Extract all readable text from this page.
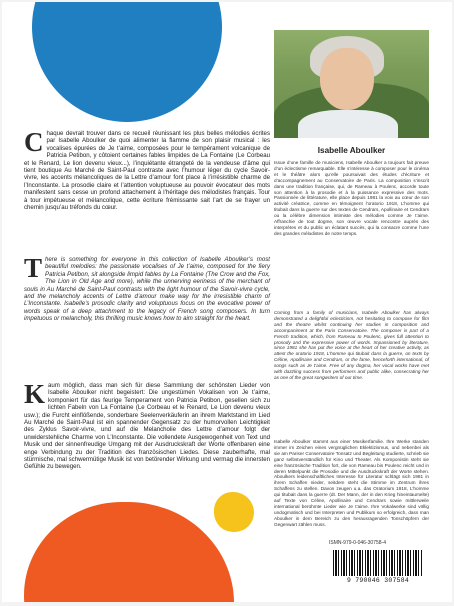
C haque devrait trouver dans ce recueil réunissant les plus belles mélodies écrites par Isabelle Aboulker de quoi alimenter la flamme de son plaisir musical : les vocalises épurées de Je t’aime, composées pour le tempérament volcanique de Patricia Petibon, y côtoient certaines fables limpides de La Fontaine (Le Corbeau et le Renard, Le lion devenu vieux...), l’inquiétante étrangeté de la vendeuse d’âme qui tient boutique Au Marché de Saint-Paul contraste avec l’humour léger du cycle Savoir-vivre, les accents mélancoliques de la Lettre d’amour font place à l’irrésistible charme de l’Inconstante. La prosodie claire et l’attention voluptueuse au pouvoir évocateur des mots manifestent sans cesse un profond attachement à l’héritage des mélodistes français. Tour à tour impétueuse et mélancolique, cette écriture frémissante sait l’art de se frayer un chemin jusqu’au tréfonds du cœur.

T here is something for everyone in this collection of Isabelle Aboulker’s most beautiful melodies: the passionate vocalises of Je t’aime, composed for the fiery Patricia Petibon, sit alongside limpid fables by La Fontaine (The Crow and the Fox, The Lion in Old Age and more), while the unnerving eeriness of the merchant of souls in Au Marché de Saint-Paul contrasts with the light humour of the Savoir-vivre cycle, and the melancholy accents of Lettre d’amour make way for the irresistible charm of L’Inconstante. Isabelle’s prosodic clarity and voluptuous focus on the evocative power of words speak of a deep attachment to the legacy of French song composers. In turn impetuous or melancholy, this thrilling music knows how to aim straight for the heart.

K aum möglich, dass man sich für diese Sammlung der schönsten Lieder von Isabelle Aboulker nicht begeistert: Die ungestümen Vokalisen von Je t’aime, komponiert für das feurige Temperament von Patricia Petibon, gesellen sich zu lichten Fabeln von La Fontaine (Le Corbeau et le Renard, Le Lion devenu vieux usw.); die Furcht einflößende, sonderbare Seelenverkäuferin an ihrem Marktstand im Lied Au Marché de Saint-Paul ist ein spannender Gegensatz zu der humorvollen Leichtigkeit des Zyklus Savoir-vivre, und auf die Melancholie des Lettre d’amour folgt der unwiderstehliche Charme von L’Inconstante. Die vollendete Ausgewogenheit von Text und Musik und der sinnenfreudige Umgang mit der Ausdruckskraft der Worte offenbaren eine enge Verbindung zu der Tradition des französischen Liedes. Diese zauberhafte, mal stürmische, mal schwermütige Musik ist von betörender Wirkung und vermag die innersten Gefühle zu bewegen.

Isabelle Aboulker

Issue d’une famille de musiciens, Isabelle Aboulker a toujours fait preuve d’un éclectisme remarquable. Elle s’intéresse à composer pour le cinéma et le théâtre alors qu’elle poursuivait des études d’écriture et d’accompagnement au Conservatoire de Paris. La composition s’inscrit dans une tradition française, qui, de Rameau à Poulenc, accorde toute son attention à la prosodie et à la puissance expressive des mots. Passionnée de littérature, elle place depuis 1981 la voix au cœur de son activité créatrice, comme en témoignent l’oratorio 1918, L’homme qui titubait dans la guerre sur des textes de Cendrars, Apollinaire et Cendrars ou la célèbre dimension intimiste des mélodies comme Je t’aime. Affranchie de tout dogme, son œuvre vocale rencontre auprès des interprètes et du public un éclatant succès, qui la consacre comme l’une des grandes mélodistes de notre temps.

Coming from a family of musicians, Isabelle Aboulker has always demonstrated a delightful eclecticism, not hesitating to compose for film and the theatre whilst continuing her studies in composition and accompaniment at the Paris Conservatoire. The composer is part of a French tradition, which, from Rameau to Poulenc, gives full attention to prosody and the expressive power of words. Impassioned by literature, since 1981 she has put the voice at the heart of her creative activity, as attest the oratorio 1918, L’homme qui titubait dans la guerre, on texts by Céline, Apollinaire and Cendrars, or the fame, henceforth international, of songs such as Je t’aime. Free of any dogma, her vocal works have met with dazzling success from performers and public alike, consecrating her as one of the great songwriters of our time.

Isabelle Aboulker stammt aus einer Musikerfamilie. Ihre Werke standen immer im Zeichen eines vergnüglichen Eklektizismus, und nebenbei als sie am Pariser Conservatoire Tonsatz und Begleitung studierte, schrieb sie ganz selbstverständlich für Kino und Theater. Als Komponistin steht sie eine französische Tradition fort, die von Rameau bis Poulenc reicht und in deren Mittelpunkt die Prosodie und die Ausdruckskraft der Worte stehen. Aboulkers leidenschaftliches Interesse für Literatur schlägt sich 1981 in ihrem Schaffen nieder, seitdem steht die Stimme im Zentrum ihres Schaffens zu stellen. Davon zeugen u.a. das Oratorium 1918, L’homme qui titubait dans la guerre (dt. Der Mann, der in den Krieg hineintaumelte) auf Texte von Céline, Apollinaire und Cendrars sowie mittlerweile international berühmte Lieder wie Je t’aime. Ihre Vokalwerke sind völlig undogmatisch und bei Interpreten und Publikum so erfolgreich, dass man Aboulker in dem Bereich zu den herausragenden Tonschöpfern der Gegenwart zählen muss.

ISMN-979-0-046-30758-4
9 790046 307584
